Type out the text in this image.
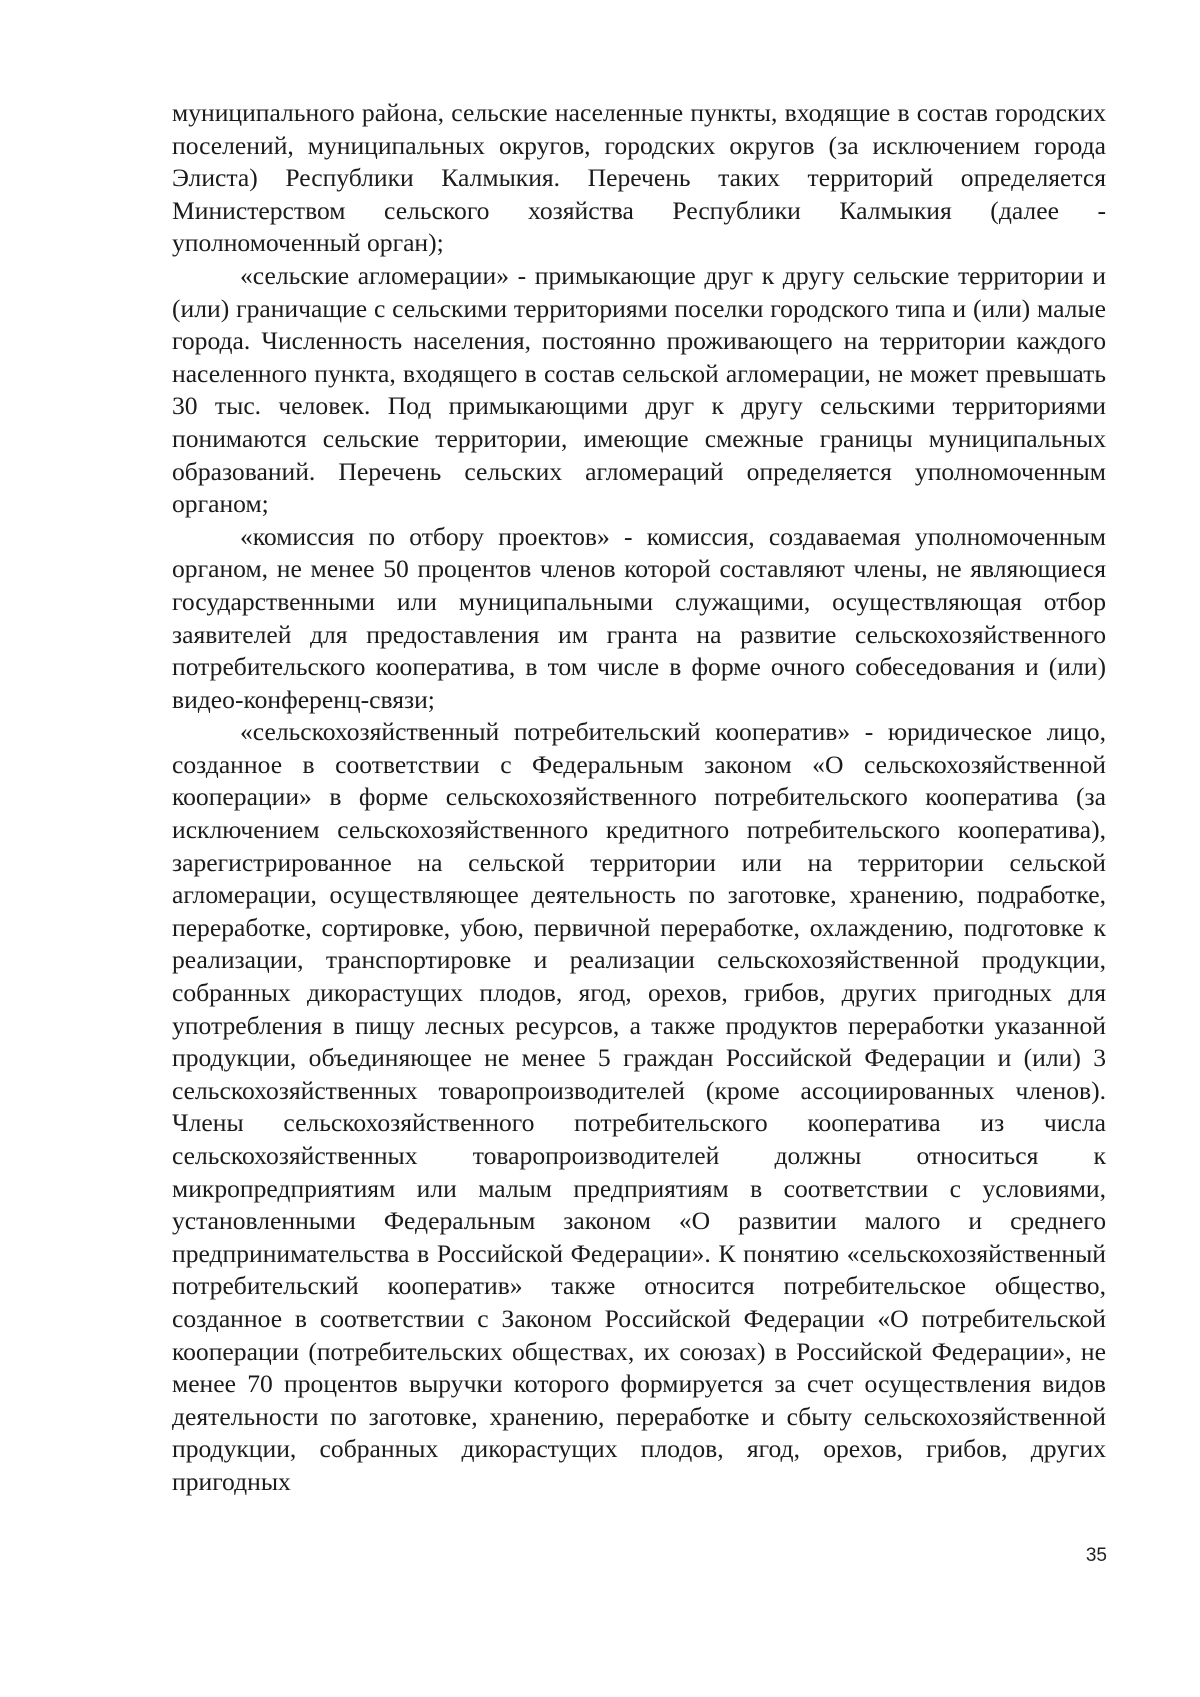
муниципального района, сельские населенные пункты, входящие в состав городских поселений, муниципальных округов, городских округов (за исключением города Элиста) Республики Калмыкия. Перечень таких территорий определяется Министерством сельского хозяйства Республики Калмыкия (далее - уполномоченный орган);

«сельские агломерации» - примыкающие друг к другу сельские территории и (или) граничащие с сельскими территориями поселки городского типа и (или) малые города. Численность населения, постоянно проживающего на территории каждого населенного пункта, входящего в состав сельской агломерации, не может превышать 30 тыс. человек. Под примыкающими друг к другу сельскими территориями понимаются сельские территории, имеющие смежные границы муниципальных образований. Перечень сельских агломераций определяется уполномоченным органом;

«комиссия по отбору проектов» - комиссия, создаваемая уполномоченным органом, не менее 50 процентов членов которой составляют члены, не являющиеся государственными или муниципальными служащими, осуществляющая отбор заявителей для предоставления им гранта на развитие сельскохозяйственного потребительского кооператива, в том числе в форме очного собеседования и (или) видео-конференц-связи;

«сельскохозяйственный потребительский кооператив» - юридическое лицо, созданное в соответствии с Федеральным законом «О сельскохозяйственной кооперации» в форме сельскохозяйственного потребительского кооператива (за исключением сельскохозяйственного кредитного потребительского кооператива), зарегистрированное на сельской территории или на территории сельской агломерации, осуществляющее деятельность по заготовке, хранению, подработке, переработке, сортировке, убою, первичной переработке, охлаждению, подготовке к реализации, транспортировке и реализации сельскохозяйственной продукции, собранных дикорастущих плодов, ягод, орехов, грибов, других пригодных для употребления в пищу лесных ресурсов, а также продуктов переработки указанной продукции, объединяющее не менее 5 граждан Российской Федерации и (или) 3 сельскохозяйственных товаропроизводителей (кроме ассоциированных членов). Члены сельскохозяйственного потребительского кооператива из числа сельскохозяйственных товаропроизводителей должны относиться к микропредприятиям или малым предприятиям в соответствии с условиями, установленными Федеральным законом «О развитии малого и среднего предпринимательства в Российской Федерации». К понятию «сельскохозяйственный потребительский кооператив» также относится потребительское общество, созданное в соответствии с Законом Российской Федерации «О потребительской кооперации (потребительских обществах, их союзах) в Российской Федерации», не менее 70 процентов выручки которого формируется за счет осуществления видов деятельности по заготовке, хранению, переработке и сбыту сельскохозяйственной продукции, собранных дикорастущих плодов, ягод, орехов, грибов, других пригодных

35
